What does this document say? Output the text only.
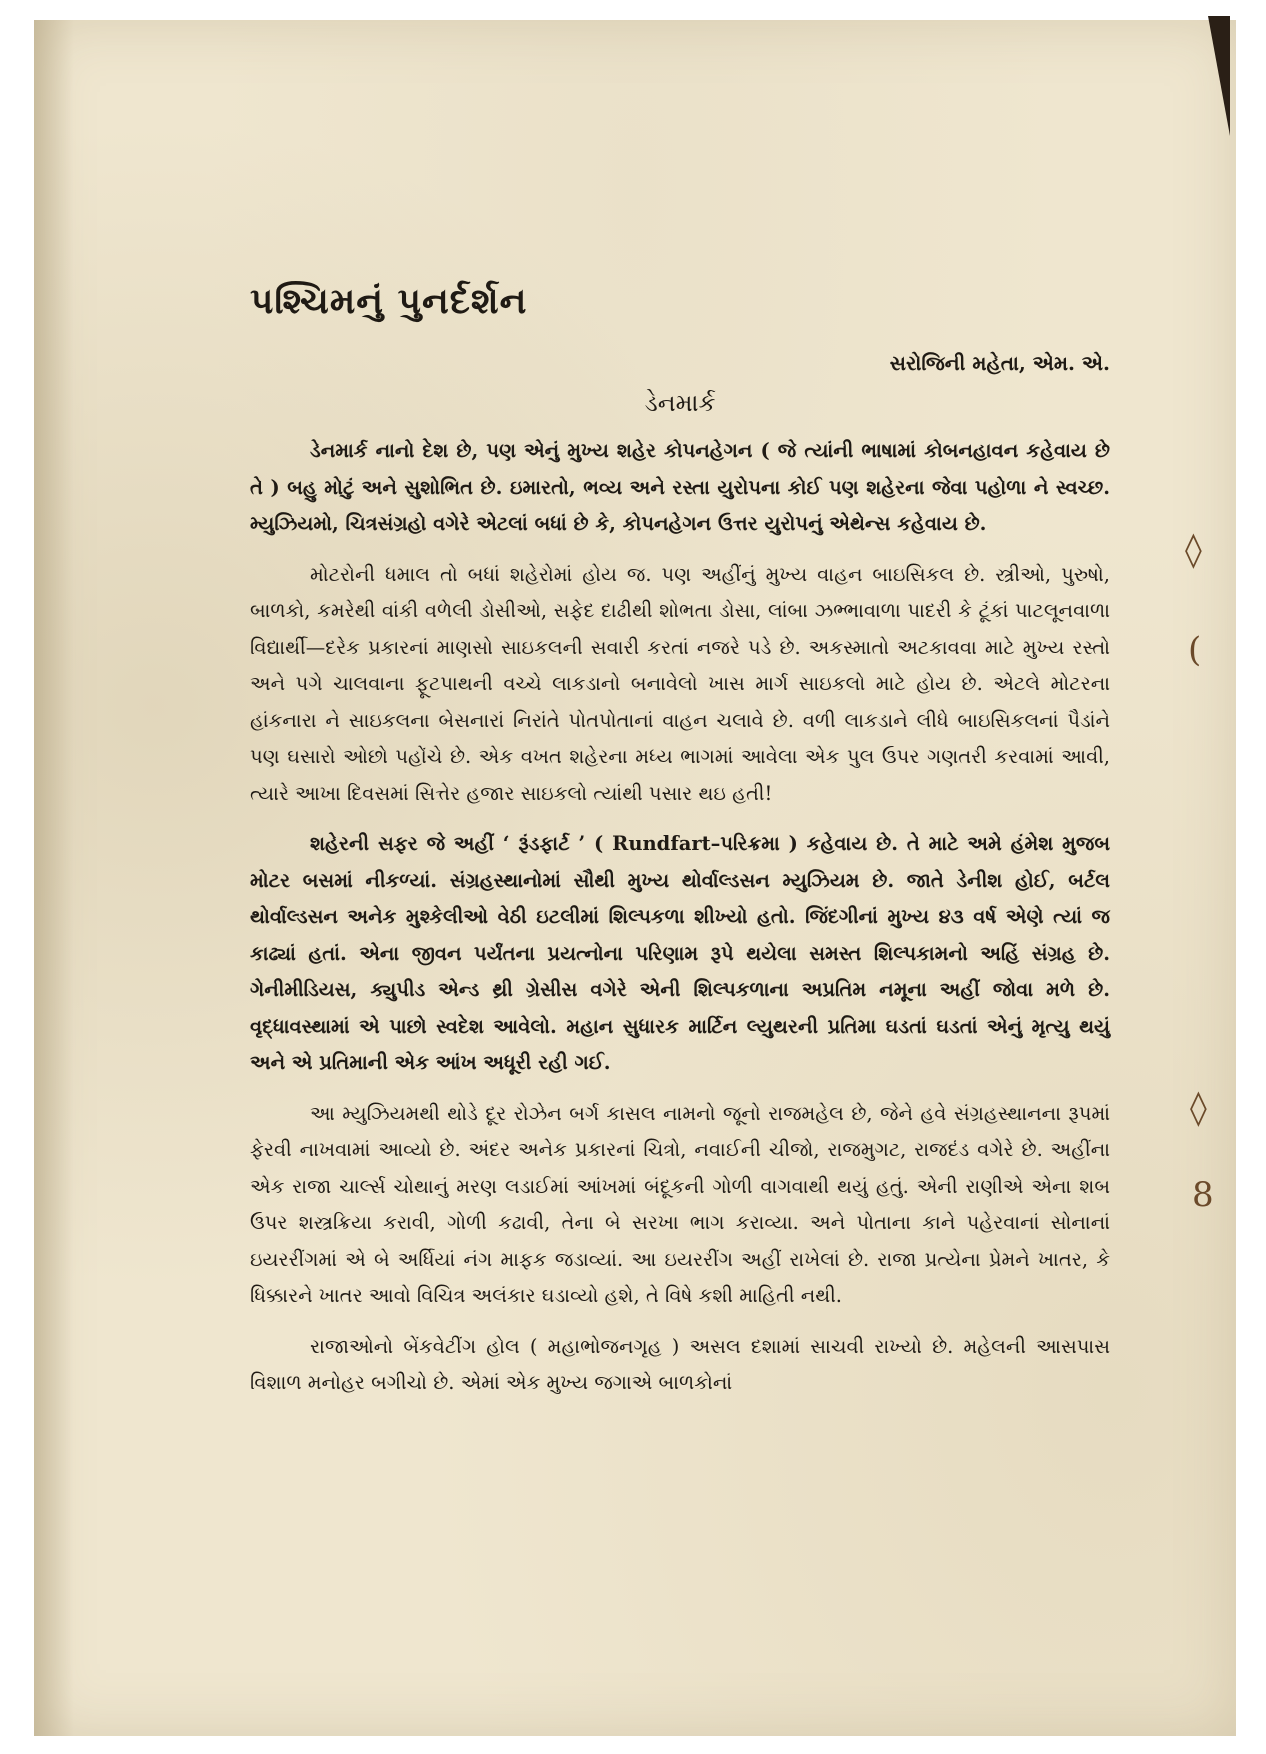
◊
(
◊
8
પશ્ચિમનું પુનર્દર્શન
સરોજિની મહેતા, એમ. એ.
ડેનમાર્ક

ડેનમાર્ક નાનો દેશ છે, પણ એનું મુખ્ય શહેર કોપનહેગન ( જે ત્યાંની ભાષામાં કોબનહાવન કહેવાય છે તે ) બહુ મોટું અને સુશોભિત છે. ઇમારતો, ભવ્ય અને રસ્તા યુરોપના કોઈ પણ શહેરના જેવા પહોળા ને સ્વચ્છ. મ્યુઝિયમો, ચિત્રસંગ્રહો વગેરે એટલાં બધાં છે કે, કોપનહેગન ઉત્તર યુરોપનું એથેન્સ કહેવાય છે.

મોટરોની ધમાલ તો બધાં શહેરોમાં હોય જ. પણ અહીંનું મુખ્ય વાહન બાઇસિકલ છે. સ્ત્રીઓ, પુરુષો, બાળકો, કમરેથી વાંકી વળેલી ડોસીઓ, સફેદ દાઢીથી શોભતા ડોસા, લાંબા ઝભ્ભાવાળા પાદરી કે ટૂંકાં પાટલૂનવાળા વિદ્યાર્થી—દરેક પ્રકારનાં માણસો સાઇકલની સવારી કરતાં નજરે પડે છે. અકસ્માતો અટકાવવા માટે મુખ્ય રસ્તો અને પગે ચાલવાના ફૂટપાથની વચ્ચે લાકડાનો બનાવેલો ખાસ માર્ગ સાઇકલો માટે હોય છે. એટલે મોટરના હાંકનારા ને સાઇકલના બેસનારાં નિરાંતે પોતપોતાનાં વાહન ચલાવે છે. વળી લાકડાને લીધે બાઇસિકલનાં પૈડાંને પણ ઘસારો ઓછો પહોંચે છે. એક વખત શહેરના મધ્ય ભાગમાં આવેલા એક પુલ ઉપર ગણતરી કરવામાં આવી, ત્યારે આખા દિવસમાં સિત્તેર હજાર સાઇકલો ત્યાંથી પસાર થઇ હતી!

શહેરની સફર જે અહીં ‘ રૂંડફાર્ટ ’ ( Rundfart–પરિક્રમા ) કહેવાય છે. તે માટે અમે હંમેશ મુજબ મોટર બસમાં નીકળ્યાં. સંગ્રહસ્થાનોમાં સૌથી મુખ્ય થોર્વાલ્ડસન મ્યુઝિયમ છે. જાતે ડેનીશ હોઈ, બર્ટલ થોર્વાલ્ડસન અનેક મુશ્કેલીઓ વેઠી ઇટલીમાં શિલ્પકળા શીખ્યો હતો. જિંદગીનાં મુખ્ય ૪૩ વર્ષ એણે ત્યાં જ કાઢ્યાં હતાં. એના જીવન પર્યંતના પ્રયત્નોના પરિણામ રૂપે થયેલા સમસ્ત શિલ્પકામનો અહિં સંગ્રહ છે. ગેનીમીડિયસ, ક્યુપીડ એન્ડ થ્રી ગ્રેસીસ વગેરે એની શિલ્પકળાના અપ્રતિમ નમૂના અહીં જોવા મળે છે. વૃદ્ધાવસ્થામાં એ પાછો સ્વદેશ આવેલો. મહાન સુધારક માર્ટિન લ્યુથરની પ્રતિમા ઘડતાં ઘડતાં એનું મૃત્યુ થયું અને એ પ્રતિમાની એક આંખ અધૂરી રહી ગઈ.

આ મ્યુઝિયમથી થોડે દૂર રોઝેન બર્ગ કાસલ નામનો જૂનો રાજમહેલ છે, જેને હવે સંગ્રહસ્થાનના રૂપમાં ફેરવી નાખવામાં આવ્યો છે. અંદર અનેક પ્રકારનાં ચિત્રો, નવાઈની ચીજો, રાજમુગટ, રાજદંડ વગેરે છે. અહીંના એક રાજા ચાર્લ્સ ચોથાનું મરણ લડાઈમાં આંખમાં બંદૂકની ગોળી વાગવાથી થયું હતું. એની રાણીએ એના શબ ઉપર શસ્ત્રક્રિયા કરાવી, ગોળી કઢાવી, તેના બે સરખા ભાગ કરાવ્યા. અને પોતાના કાને પહેરવાનાં સોનાનાં ઇયરરીંગમાં એ બે અર્ધિયાં નંગ માફક જડાવ્યાં. આ ઇયરરીંગ અહીં રાખેલાં છે. રાજા પ્રત્યેના પ્રેમને ખાતર, કે ધિક્કારને ખાતર આવો વિચિત્ર અલંકાર ઘડાવ્યો હશે, તે વિષે કશી માહિતી નથી.

રાજાઓનો બેંકવેટીંગ હોલ ( મહાભોજનગૃહ ) અસલ દશામાં સાચવી રાખ્યો છે. મહેલની આસપાસ વિશાળ મનોહર બગીચો છે. એમાં એક મુખ્ય જગાએ બાળકોનાં
